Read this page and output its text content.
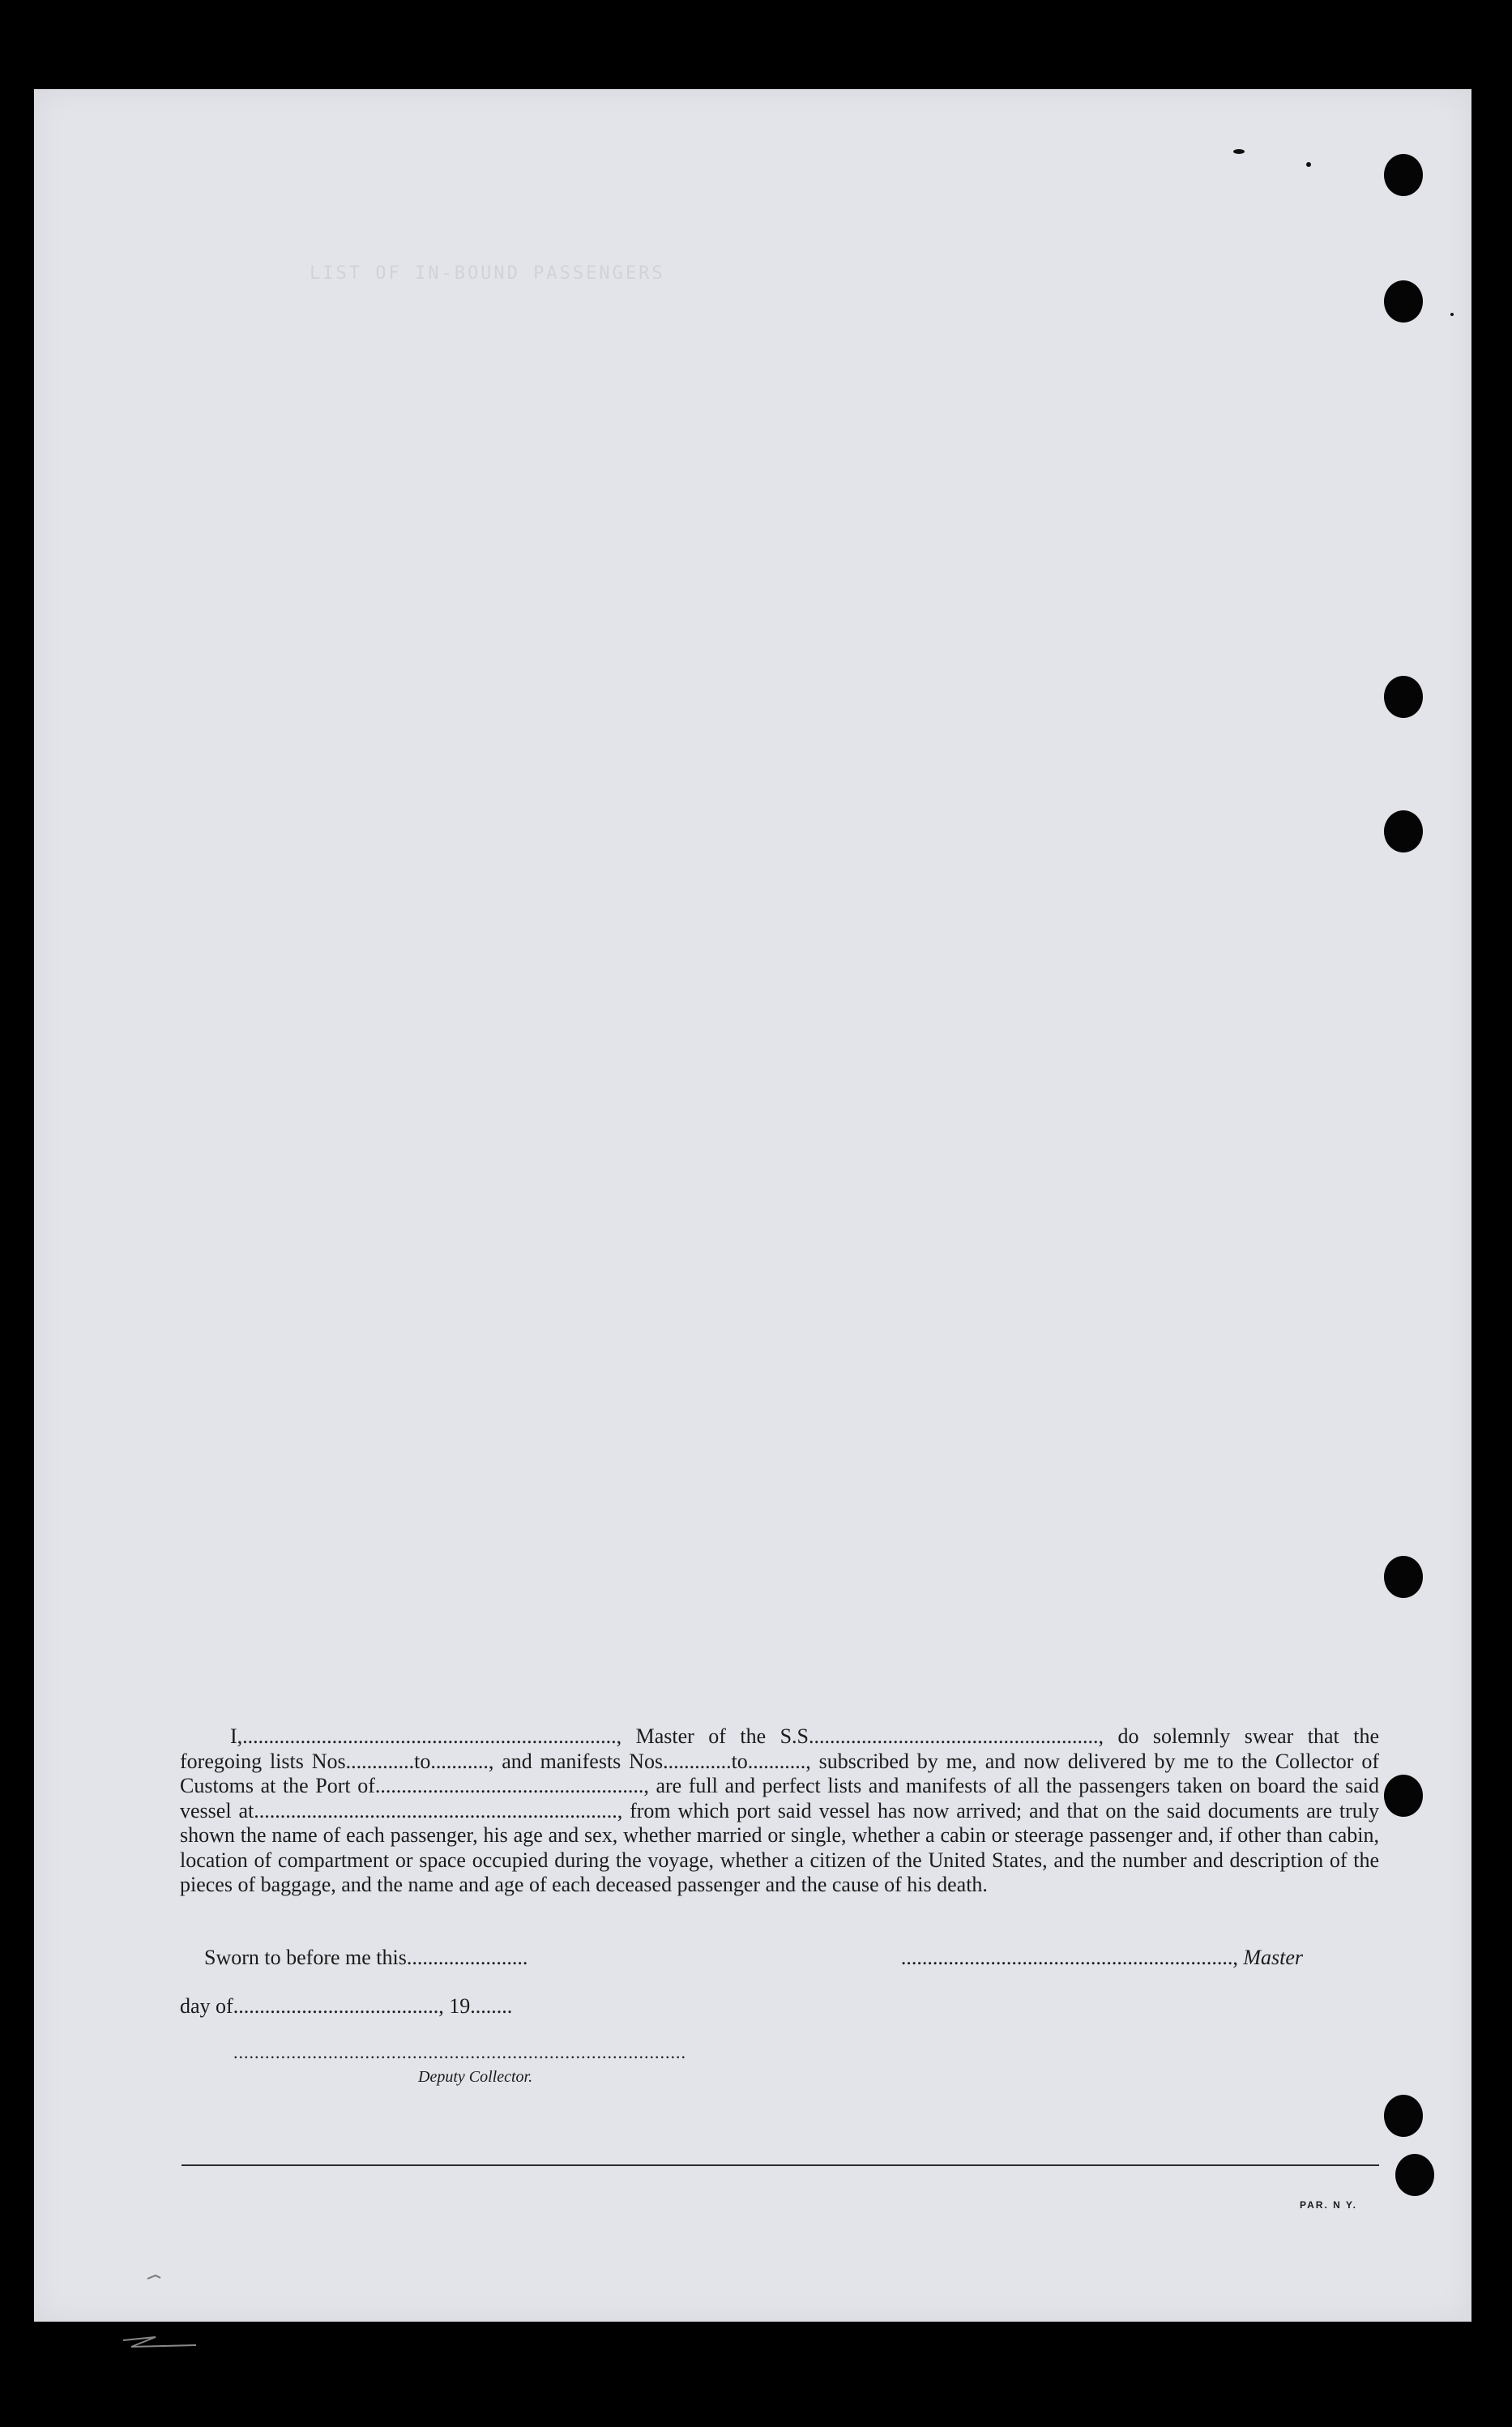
LIST OF IN-BOUND PASSENGERS

I,......................................................................., Master of the S.S......................................................., do solemnly swear that the foregoing lists Nos.............to..........., and manifests Nos.............to..........., subscribed by me, and now delivered by me to the Collector of Customs at the Port of..................................................., are full and perfect lists and manifests of all the passengers taken on board the said vessel at....................................................................., from which port said vessel has now arrived; and that on the said documents are truly shown the name of each passenger, his age and sex, whether married or single, whether a cabin or steerage passenger and, if other than cabin, location of compartment or space occupied during the voyage, whether a citizen of the United States, and the number and description of the pieces of baggage, and the name and age of each deceased passenger and the cause of his death.

Sworn to before me this.......................	..............................................................., Master
day of......................................., 19........
......................................................................................
Deputy Collector.
PAR. N Y.
